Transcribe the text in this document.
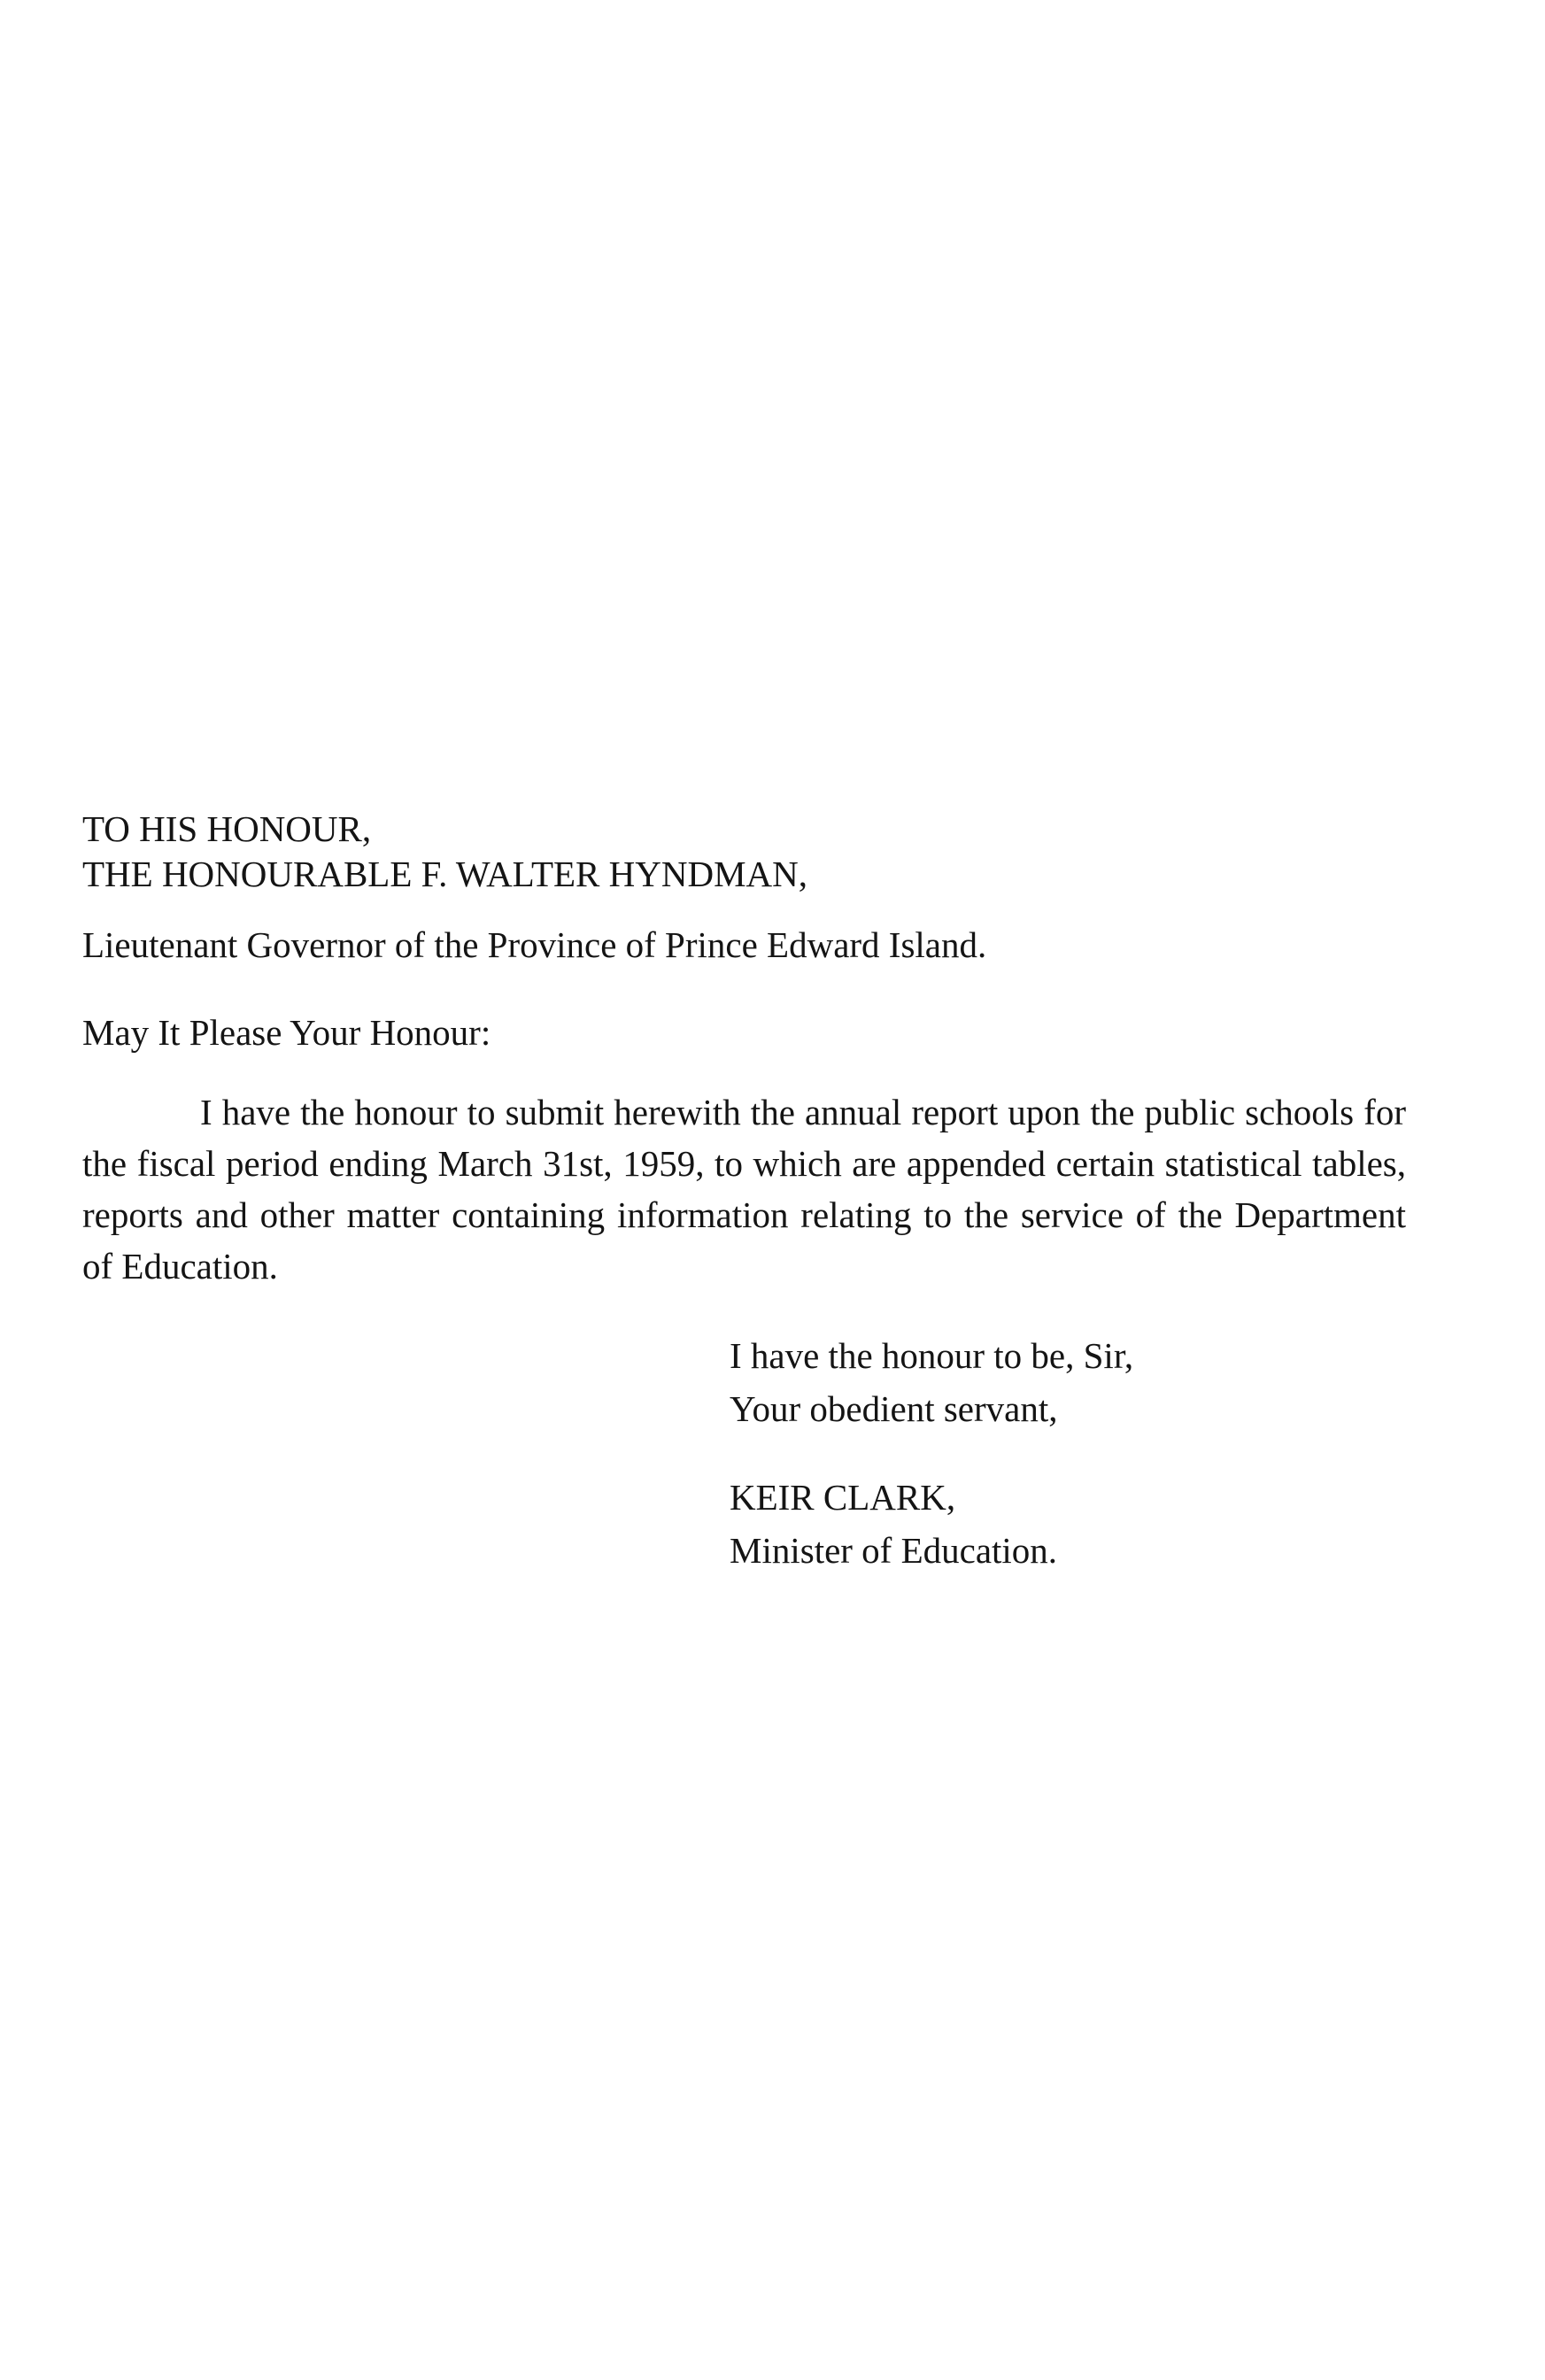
TO HIS HONOUR,

THE HONOURABLE F. WALTER HYNDMAN,

Lieutenant Governor of the Province of Prince Edward Island.

May It Please Your Honour:

I have the honour to submit herewith the annual report upon the public schools for the fiscal period ending March 31st, 1959, to which are appended certain statistical tables, reports and other matter containing information relating to the service of the Department of Education.

I have the honour to be, Sir,

Your obedient servant,

KEIR CLARK,

Minister of Education.
